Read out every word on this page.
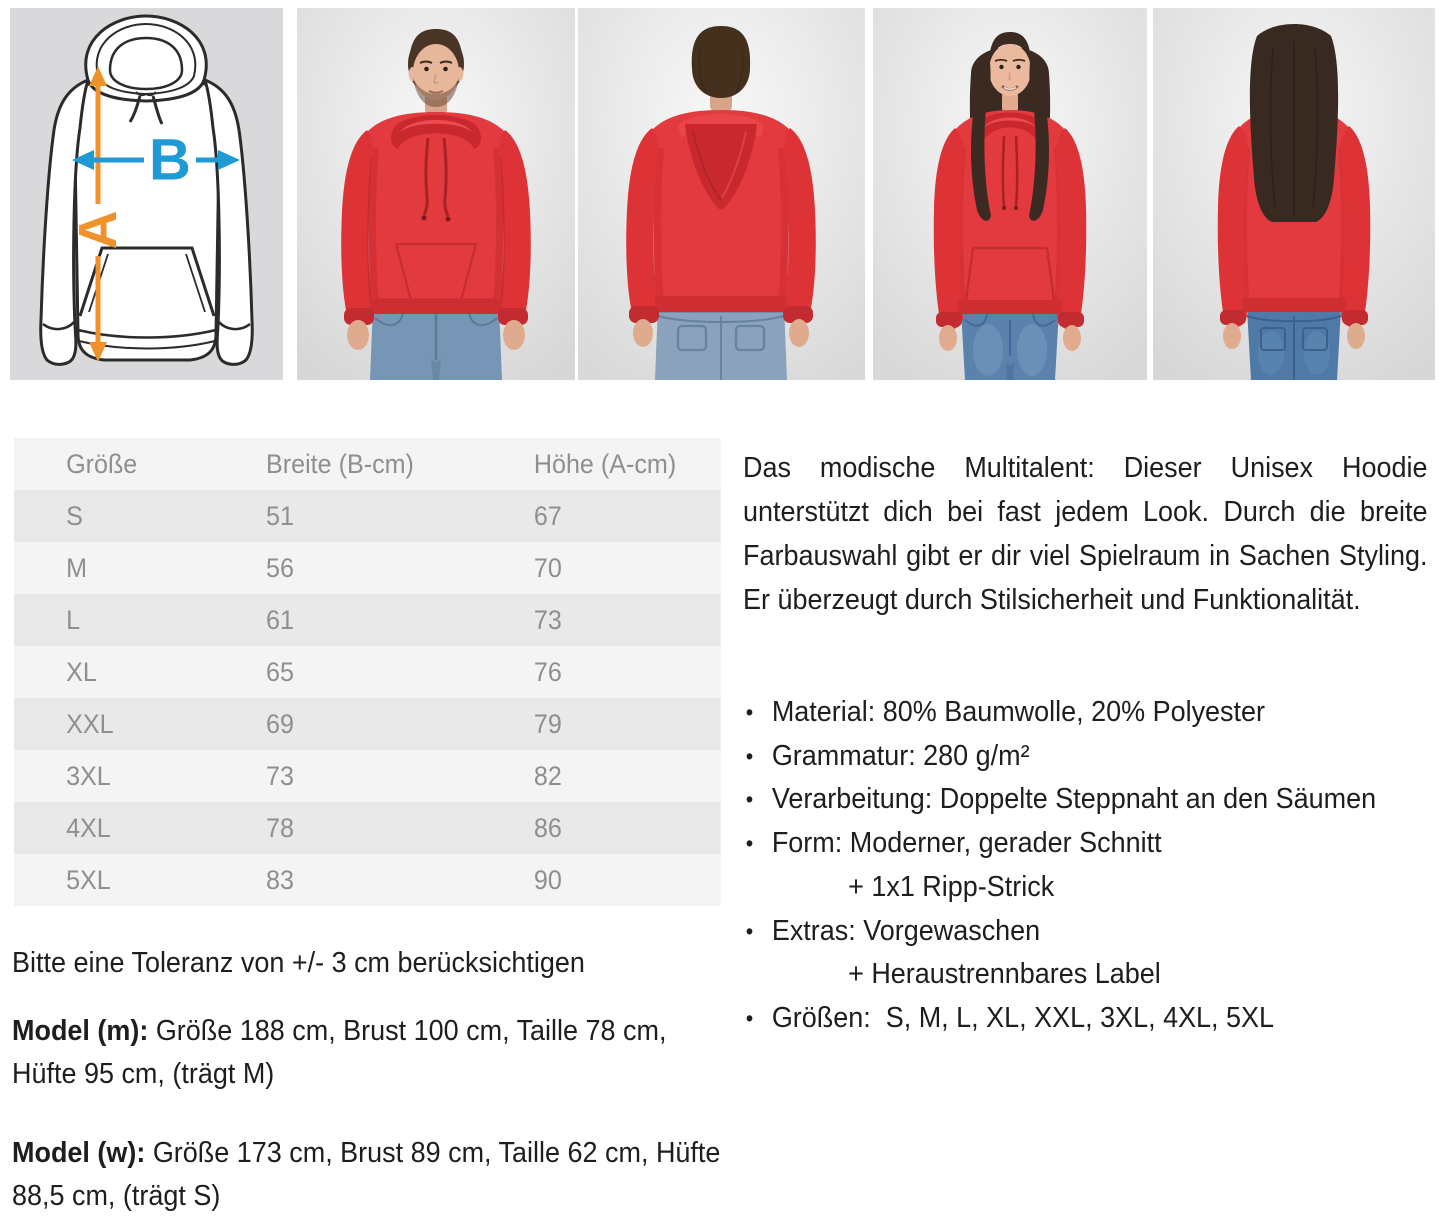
A
B
Größe	Breite (B-cm)	Höhe (A-cm)
S	51	67
M	56	70
L	61	73
XL	65	76
XXL	69	79
3XL	73	82
4XL	78	86
5XL	83	90
Bitte eine Toleranz von +/- 3 cm berücksichtigen
Model (m): Größe 188 cm, Brust 100 cm, Taille 78 cm, Hüfte 95 cm, (trägt M)
Model (w): Größe 173 cm, Brust 89 cm, Taille 62 cm, Hüfte 88,5 cm, (trägt S)
Das modische Multitalent: Dieser Unisex Hoodie unterstützt dich bei fast jedem Look. Durch die breite Farbauswahl gibt er dir viel Spielraum in Sachen Styling. Er überzeugt durch Stilsicherheit und Funktionalität.
• Material: 80% Baumwolle, 20% Polyester
• Grammatur: 280 g/m²
• Verarbeitung: Doppelte Steppnaht an den Säumen
• Form: Moderner, gerader Schnitt
+ 1x1 Ripp-Strick
• Extras: Vorgewaschen
+ Heraustrennbares Label
• Größen:  S, M, L, XL, XXL, 3XL, 4XL, 5XL
